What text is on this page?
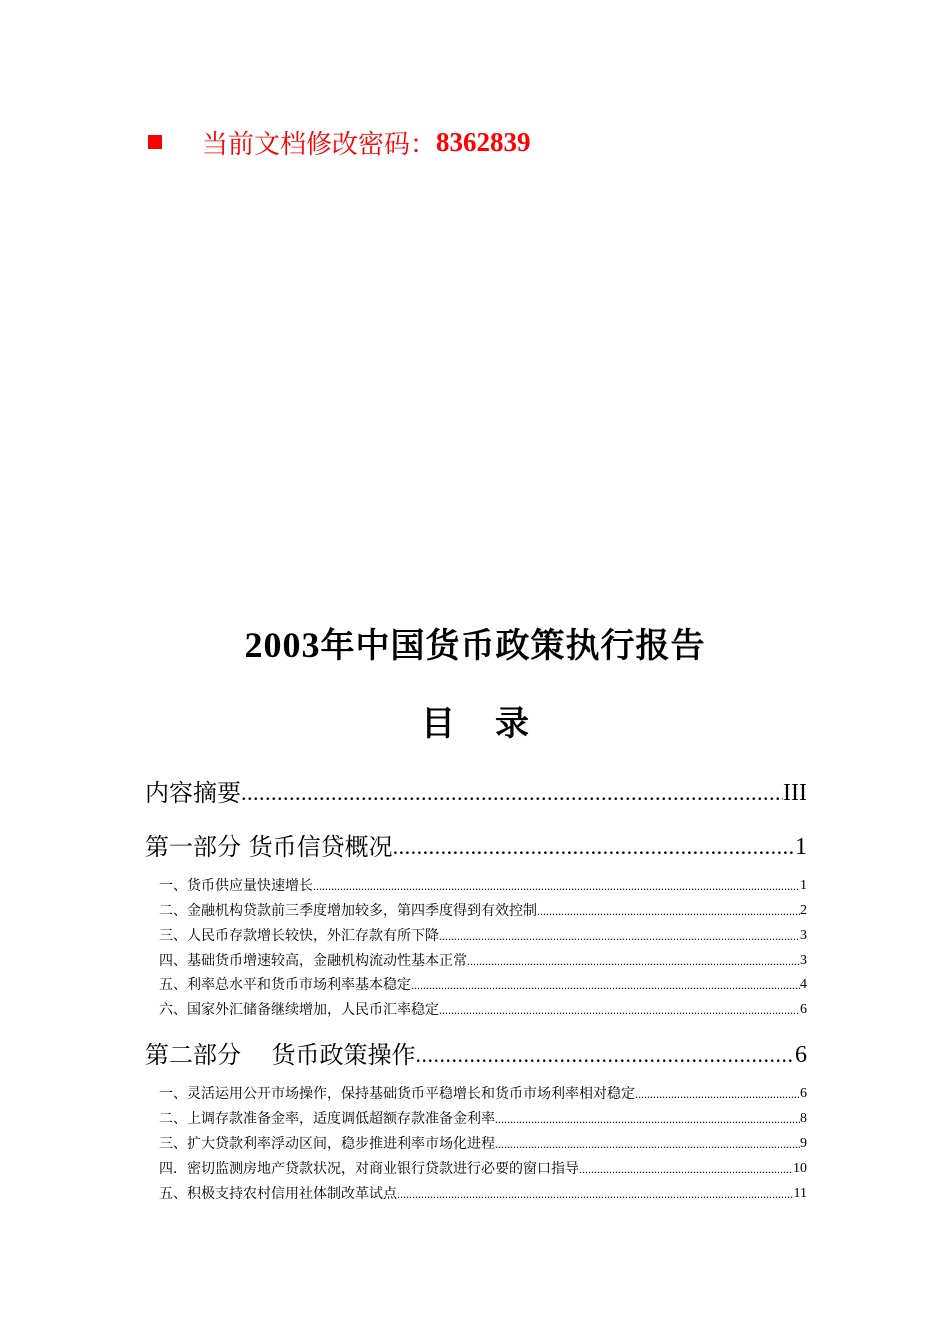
当前文档修改密码： 8362839
2003年中国货币政策执行报告
目 录
内容摘要 .....	III
第一部分 货币信贷概况 .....	1
一、货币供应量快速增长 .....	1
二、金融机构贷款前三季度增加较多，第四季度得到有效控制 .....	2
三、人民币存款增长较快，外汇存款有所下降 .....	3
四、基础货币增速较高，金融机构流动性基本正常 .....	3
五、利率总水平和货币市场利率基本稳定 .....	4
六、国家外汇储备继续增加，人民币汇率稳定 .....	6
第二部分    货币政策操作 .....	6
一、灵活运用公开市场操作，保持基础货币平稳增长和货币市场利率相对稳定 .....	6
二、上调存款准备金率，适度调低超额存款准备金利率 .....	8
三、扩大贷款利率浮动区间，稳步推进利率市场化进程 .....	9
四．密切监测房地产贷款状况，对商业银行贷款进行必要的窗口指导 .....	10
五、积极支持农村信用社体制改革试点 .....	11
